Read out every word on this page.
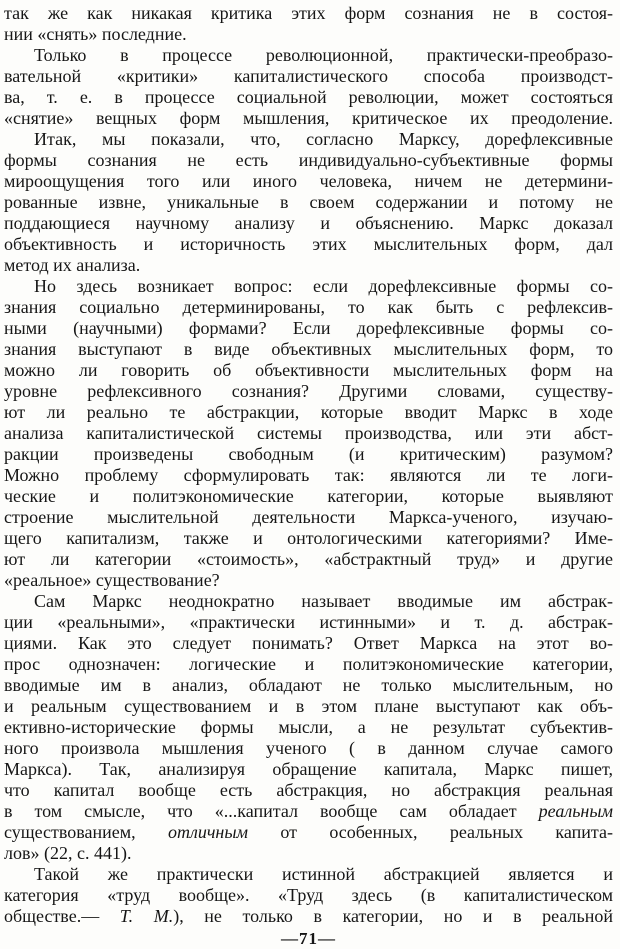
так же как никакая критика этих форм сознания не в состоя-
нии «снять» последние.
Только в процессе революционной, практически-преобразо-
вательной «критики» капиталистического способа производст-
ва, т. е. в процессе социальной революции, может состояться
«снятие» вещных форм мышления, критическое их преодоление.
Итак, мы показали, что, согласно Марксу, дорефлексивные
формы сознания не есть индивидуально-субъективные формы
мироощущения того или иного человека, ничем не детермини-
рованные извне, уникальные в своем содержании и потому не
поддающиеся научному анализу и объяснению. Маркс доказал
объективность и историчность этих мыслительных форм, дал
метод их анализа.
Но здесь возникает вопрос: если дорефлексивные формы со-
знания социально детерминированы, то как быть с рефлексив-
ными (научными) формами? Если дорефлексивные формы со-
знания выступают в виде объективных мыслительных форм, то
можно ли говорить об объективности мыслительных форм на
уровне рефлексивного сознания? Другими словами, существу-
ют ли реально те абстракции, которые вводит Маркс в ходе
анализа капиталистической системы производства, или эти абст-
ракции произведены свободным (и критическим) разумом?
Можно проблему сформулировать так: являются ли те логи-
ческие и политэкономические категории, которые выявляют
строение мыслительной деятельности Маркса-ученого, изучаю-
щего капитализм, также и онтологическими категориями? Име-
ют ли категории «стоимость», «абстрактный труд» и другие
«реальное» существование?
Сам Маркс неоднократно называет вводимые им абстрак-
ции «реальными», «практически истинными» и т. д. абстрак-
циями. Как это следует понимать? Ответ Маркса на этот во-
прос однозначен: логические и политэкономические категории,
вводимые им в анализ, обладают не только мыслительным, но
и реальным существованием и в этом плане выступают как объ-
ективно-исторические формы мысли, а не результат субъектив-
ного произвола мышления ученого ( в данном случае самого
Маркса). Так, анализируя обращение капитала, Маркс пишет,
что капитал вообще есть абстракция, но абстракция реальная
в том смысле, что «...капитал вообще сам обладает реальным
существованием, отличным от особенных, реальных капита-
лов» (22, с. 441).
Такой же практически истинной абстракцией является и
категория «труд вообще». «Труд здесь (в капиталистическом
обществе.— Т. М.), не только в категории, но и в реальной
—71—
